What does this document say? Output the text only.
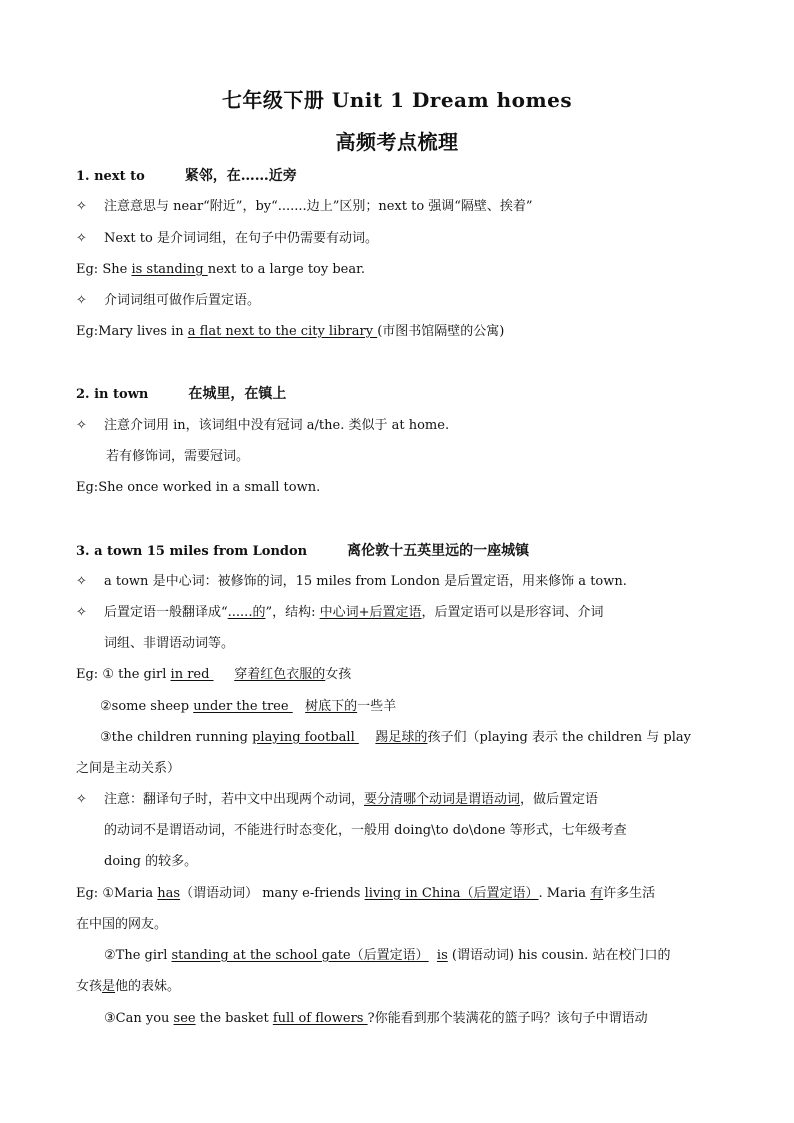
七年级下册 Unit 1 Dream homes
高频考点梳理
1. next to	紧邻，在……近旁
✧ 注意意思与 near“附近”，by“.......边上”区别；next to 强调“隔壁、挨着”
✧ Next to 是介词词组，在句子中仍需要有动词。
Eg: She is standing next to a large toy bear.
✧ 介词词组可做作后置定语。
Eg:Mary lives in a flat next to the city library (市图书馆隔壁的公寓)
2. in town	在城里，在镇上
✧ 注意介词用 in，该词组中没有冠词 a/the. 类似于 at home.
若有修饰词，需要冠词。
Eg:She once worked in a small town.
3. a town 15 miles from London	离伦敦十五英里远的一座城镇
✧ a town 是中心词：被修饰的词，15 miles from London 是后置定语，用来修饰 a town.
✧ 后置定语一般翻译成“......的”，结构: 中心词+后置定语，后置定语可以是形容词、介词
词组、非谓语动词等。
Eg: ① the girl in red      穿着红色衣服的女孩
②some sheep under the tree    树底下的一些羊
③the children running playing football     踢足球的孩子们（playing 表示 the children 与 play
之间是主动关系）
✧ 注意：翻译句子时，若中文中出现两个动词，要分清哪个动词是谓语动词，做后置定语
的动词不是谓语动词，不能进行时态变化，一般用 doing\to do\done 等形式，七年级考查
doing 的较多。
Eg: ①Maria has（谓语动词） many e-friends living in China（后置定语）. Maria 有许多生活
在中国的网友。
②The girl standing at the school gate（后置定语） is (谓语动词) his cousin. 站在校门口的
女孩是他的表妹。
③Can you see the basket full of flowers ?你能看到那个装满花的篮子吗？该句子中谓语动
